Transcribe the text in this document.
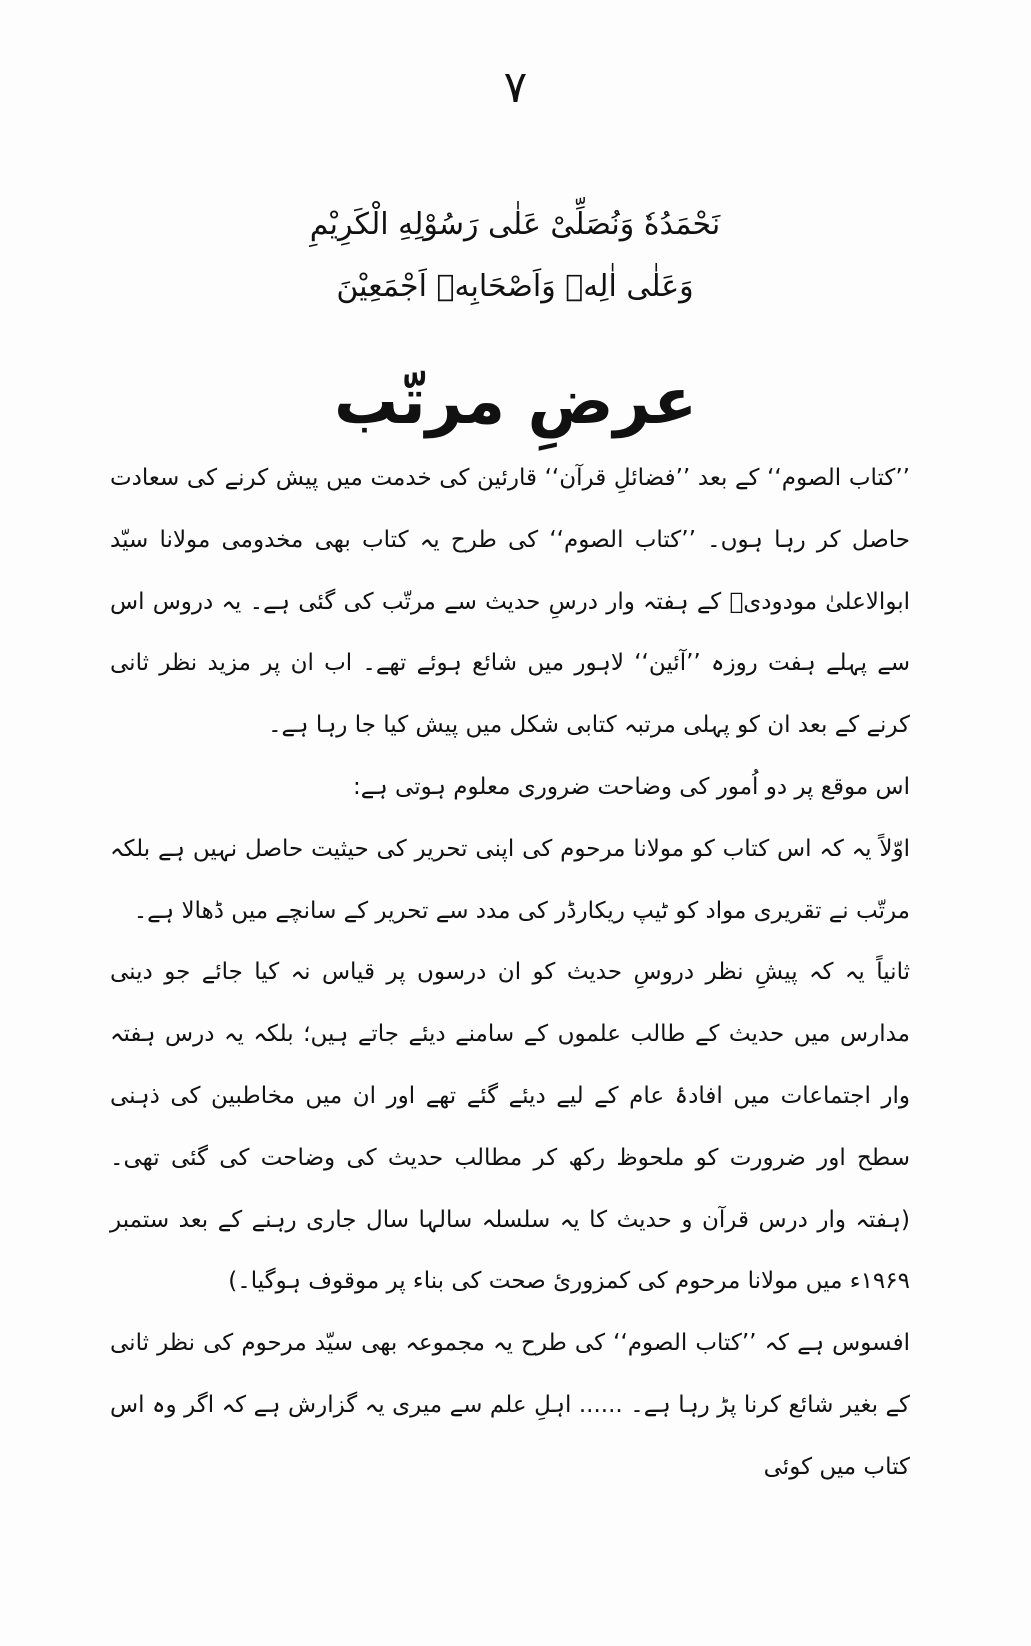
۷
نَحْمَدُهٗ وَنُصَلِّیْ عَلٰی رَسُوْلِهِ الْکَرِیْمِ
وَعَلٰی اٰلِهٖ وَاَصْحَابِهٖ اَجْمَعِیْنَ
عرضِ مرتّب

’’کتاب الصوم‘‘ کے بعد ’’فضائلِ قرآن‘‘ قارئین کی خدمت میں پیش کرنے کی سعادت حاصل کر رہا ہوں۔ ’’کتاب الصوم‘‘ کی طرح یہ کتاب بھی مخدومی مولانا سیّد ابوالاعلیٰ مودودیؒ کے ہفتہ وار درسِ حدیث سے مرتّب کی گئی ہے۔ یہ دروس اس سے پہلے ہفت روزہ ’’آئین‘‘ لاہور میں شائع ہوئے تھے۔ اب ان پر مزید نظر ثانی کرنے کے بعد ان کو پہلی مرتبہ کتابی شکل میں پیش کیا جا رہا ہے۔

اس موقع پر دو اُمور کی وضاحت ضروری معلوم ہوتی ہے:

اوّلاً یہ کہ اس کتاب کو مولانا مرحوم کی اپنی تحریر کی حیثیت حاصل نہیں ہے بلکہ مرتّب نے تقریری مواد کو ٹیپ ریکارڈر کی مدد سے تحریر کے سانچے میں ڈھالا ہے۔

ثانیاً یہ کہ پیشِ نظر دروسِ حدیث کو ان درسوں پر قیاس نہ کیا جائے جو دینی مدارس میں حدیث کے طالب علموں کے سامنے دیئے جاتے ہیں؛ بلکہ یہ درس ہفتہ وار اجتماعات میں افادۂ عام کے لیے دیئے گئے تھے اور ان میں مخاطبین کی ذہنی سطح اور ضرورت کو ملحوظ رکھ کر مطالب حدیث کی وضاحت کی گئی تھی۔ (ہفتہ وار درس قرآن و حدیث کا یہ سلسلہ سالہا سال جاری رہنے کے بعد ستمبر ۱۹۶۹ء میں مولانا مرحوم کی کمزوریٔ صحت کی بناء پر موقوف ہوگیا۔)

افسوس ہے کہ ’’کتاب الصوم‘‘ کی طرح یہ مجموعہ بھی سیّد مرحوم کی نظر ثانی کے بغیر شائع کرنا پڑ رہا ہے۔ ...... اہلِ علم سے میری یہ گزارش ہے کہ اگر وہ اس کتاب میں کوئی
